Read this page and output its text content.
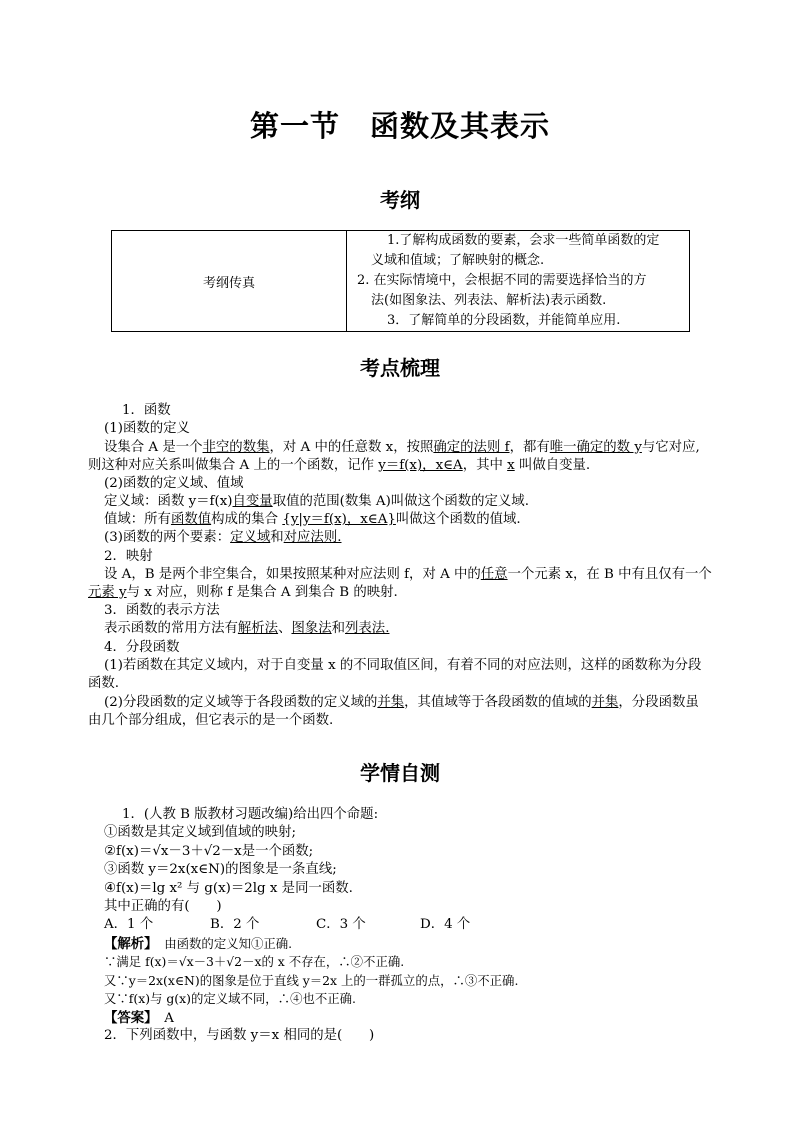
第一节　函数及其表示
考纲
考纲传真	
1.了解构成函数的要素，会求一些简单函数的定
义域和值域；了解映射的概念.
2. 在实际情境中，会根据不同的需要选择恰当的方
法(如图象法、列表法、解析法)表示函数.
3．了解简单的分段函数，并能简单应用.
考点梳理
1．函数
(1)函数的定义
设集合 A 是一个非空的数集，对 A 中的任意数 x，按照确定的法则 f，都有唯一确定的数 y与它对应,
则这种对应关系叫做集合 A 上的一个函数，记作 y＝f(x)，x∈A，其中 x 叫做自变量.
(2)函数的定义域、值域
定义域：函数 y＝f(x)自变量取值的范围(数集 A)叫做这个函数的定义域.
值域：所有函数值构成的集合 {y|y＝f(x)，x∈A}叫做这个函数的值域.
(3)函数的两个要素：定义域和对应法则.
2．映射
设 A，B 是两个非空集合，如果按照某种对应法则 f，对 A 中的任意一个元素 x，在 B 中有且仅有一个
元素 y与 x 对应，则称 f 是集合 A 到集合 B 的映射.
3．函数的表示方法
表示函数的常用方法有解析法、图象法和列表法.
4．分段函数
(1)若函数在其定义域内，对于自变量 x 的不同取值区间，有着不同的对应法则，这样的函数称为分段
函数.
(2)分段函数的定义域等于各段函数的定义域的并集，其值域等于各段函数的值域的并集，分段函数虽
由几个部分组成，但它表示的是一个函数.
学情自测
1．(人教 B 版教材习题改编)给出四个命题:
①函数是其定义域到值域的映射;
②f(x)＝√x－3＋√2－x是一个函数;
③函数 y＝2x(x∈N)的图象是一条直线;
④f(x)＝lg x² 与 g(x)＝2lg x 是同一函数.
其中正确的有(　　)
A．1 个	B．2 个	C．3 个	D．4 个
【解析】　 由函数的定义知①正确.
∵满足 f(x)＝√x－3＋√2－x的 x 不存在，∴②不正确.
又∵y＝2x(x∈N)的图象是位于直线 y＝2x 上的一群孤立的点，∴③不正确.
又∵f(x)与 g(x)的定义域不同，∴④也不正确.
【答案】　 A
2．下列函数中，与函数 y＝x 相同的是(　　)
